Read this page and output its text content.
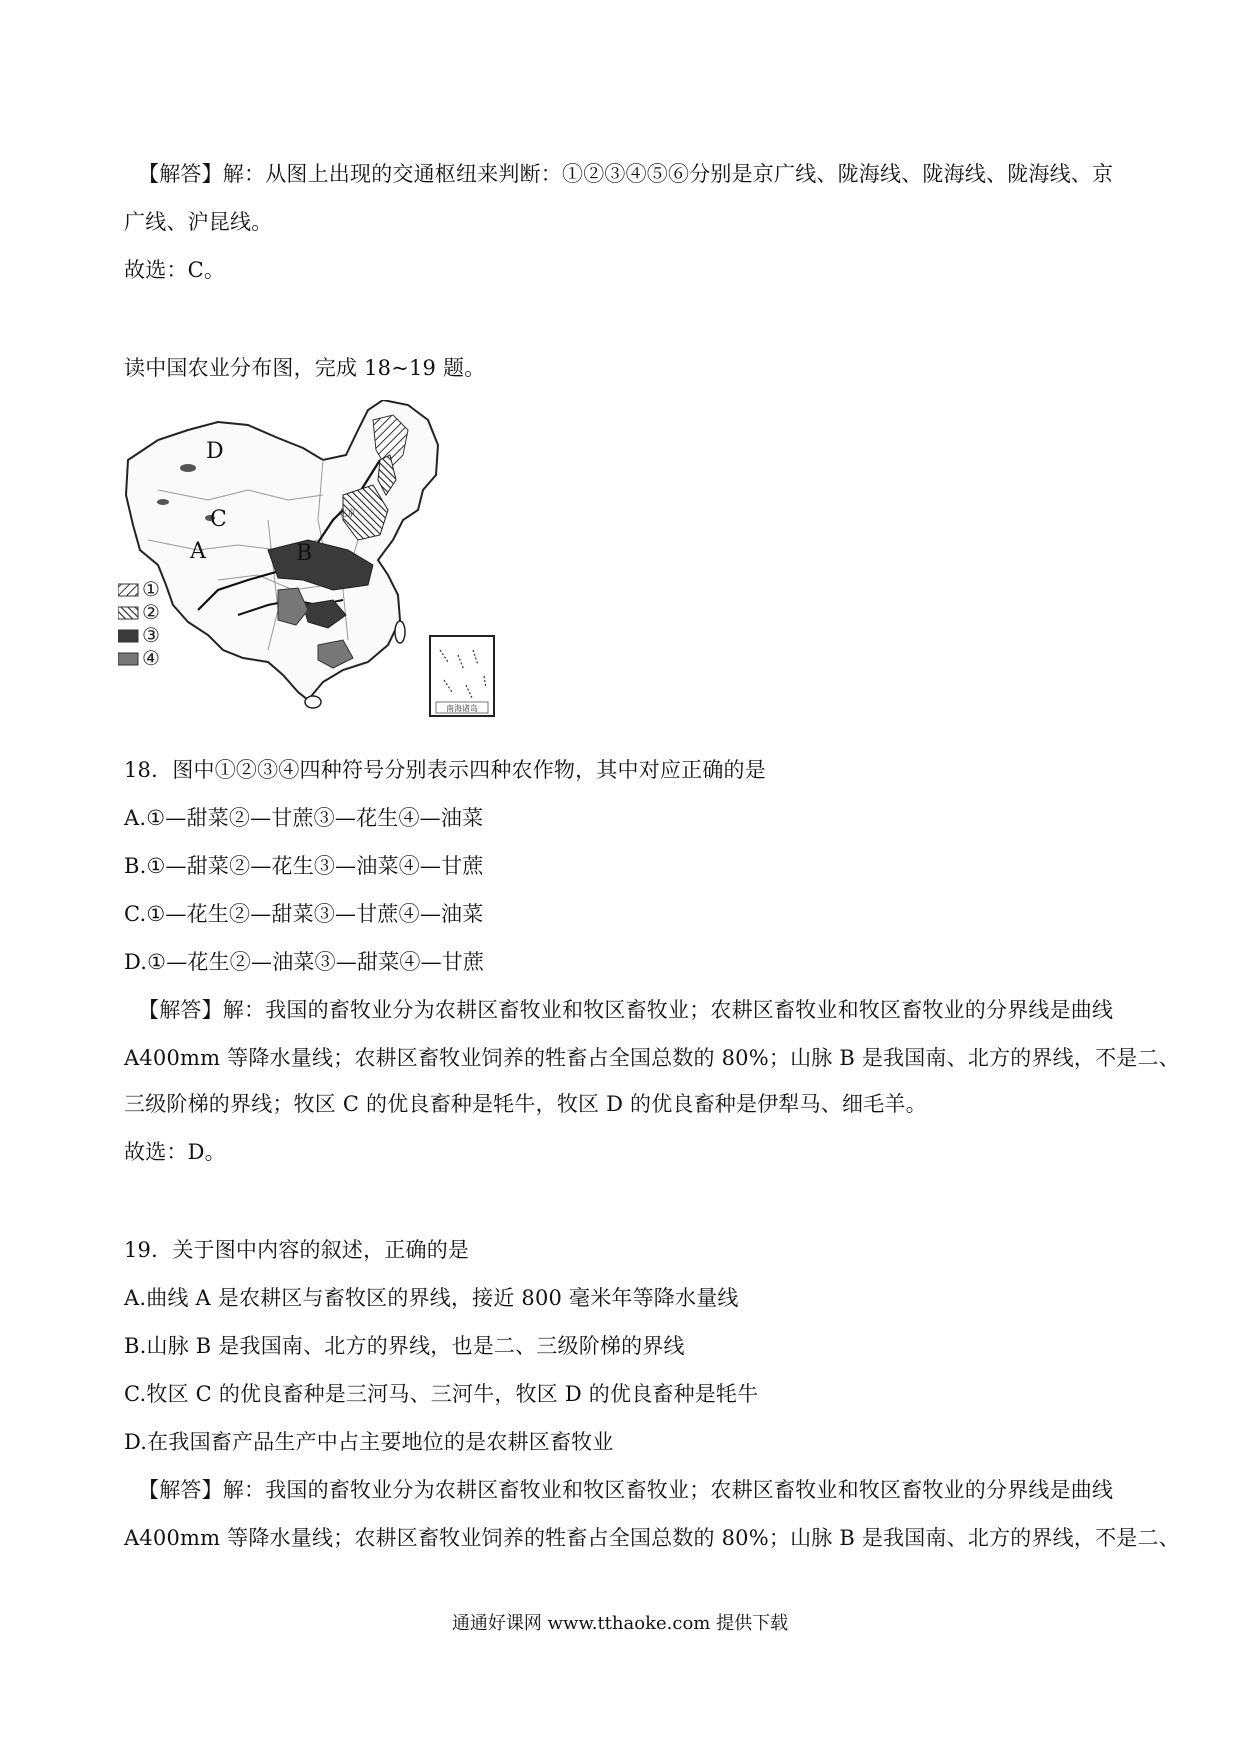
【解答】解：从图上出现的交通枢纽来判断：①②③④⑤⑥分别是京广线、陇海线、陇海线、陇海线、京
广线、沪昆线。
故选：C。
读中国农业分布图，完成 18~19 题。
D
C
A	B
北京
①
②
③
④
南海诸岛
18．图中①②③④四种符号分别表示四种农作物，其中对应正确的是
A.①—甜菜②—甘蔗③—花生④—油菜
B.①—甜菜②—花生③—油菜④—甘蔗
C.①—花生②—甜菜③—甘蔗④—油菜
D.①—花生②—油菜③—甜菜④—甘蔗
【解答】解：我国的畜牧业分为农耕区畜牧业和牧区畜牧业；农耕区畜牧业和牧区畜牧业的分界线是曲线
A400mm 等降水量线；农耕区畜牧业饲养的牲畜占全国总数的 80%；山脉 B 是我国南、北方的界线，不是二、
三级阶梯的界线；牧区 C 的优良畜种是牦牛，牧区 D 的优良畜种是伊犁马、细毛羊。
故选：D。
19．关于图中内容的叙述，正确的是
A.曲线 A 是农耕区与畜牧区的界线，接近 800 毫米年等降水量线
B.山脉 B 是我国南、北方的界线，也是二、三级阶梯的界线
C.牧区 C 的优良畜种是三河马、三河牛，牧区 D 的优良畜种是牦牛
D.在我国畜产品生产中占主要地位的是农耕区畜牧业
【解答】解：我国的畜牧业分为农耕区畜牧业和牧区畜牧业；农耕区畜牧业和牧区畜牧业的分界线是曲线
A400mm 等降水量线；农耕区畜牧业饲养的牲畜占全国总数的 80%；山脉 B 是我国南、北方的界线，不是二、
通通好课网 www.tthaoke.com 提供下载
